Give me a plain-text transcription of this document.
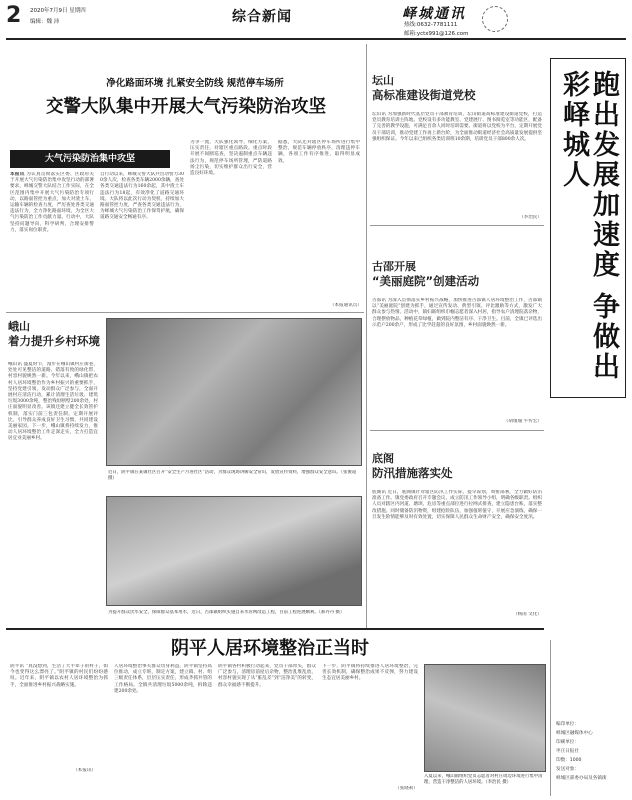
2 2020年7月9日 星期四
编辑：魏 沛	综合新闻	峄城通讯
热线:0632-7781111
邮箱:yctx991@126.com
净化路面环境 扎紧安全防线 规范停车场所
交警大队集中开展大气污染防治攻坚
大气污染防治集中攻坚
本报讯 为认真贯彻落实区委、区政府关于开展大气污染防治集中攻坚行动的部署要求，峄城交警大队结合工作实际，在全区范围内集中开展大气污染防治专项行动，以路面管控为重点，加大对渣土车、运输车辆的检查力度，严厉查处各类交通违法行为，全力净化路面环境，为全区大气污染防治工作贡献力量。行动中，大队坚持问题导向，科学研判，合理安排警力，落实岗位职责。
自行动以来，峄城交警大队共出动警力300余人次，检查各类车辆2000余辆，查处各类交通违法行为160余起，其中渣土车违法行为18起，有效净化了道路交通环境。大队将以此次行动为契机，持续加大路面管控力度，严查各类交通违法行为，为峄城大气污染防治工作保驾护航，确保道路交通安全畅通有序。
为争一流，大队强化领导，细化方案，压实责任，对辖区重点路段、重点时段开展不间断巡查，坚决遏制重点车辆违法行为，规范停车场所管理，严防道路扬尘污染，切实维护群众出行安全，营造良好环境。
据悉，大队还对辖区停车场所进行集中整治，规范车辆停放秩序，清理违停车辆，各项工作有序推进，取得明显成效。
（本报通讯员）
峨山
着力提升乡村环境
峨山讯 盛夏时节，漫步在峨山镇村庄街巷，处处可见整洁的道路、错落有致的绿化带，村容村貌焕然一新。今年以来，峨山镇把农村人居环境整治作为乡村振兴的重要抓手，坚持党建引领，发动群众广泛参与，全面开展村庄清洁行动，累计清理生活垃圾、建筑垃圾3000余吨，整治残垣断壁200余处，村庄面貌明显改善。该镇还建立健全长效管护机制，落实门前三包责任制，定期开展评比，引导群众养成良好卫生习惯，共同建设美丽家园。下一步，峨山镇将持续发力，推动人居环境整治工作走深走实，全力打造宜居宜业美丽乡村。
（本报讯）
近日，阴平镇在某镇社区召开“安全生产月进社区”活动，为群众现场讲解安全常识，发放宣传资料，增强群众安全意识。（张俊超 摄）
为提升群众饮水安全，保障群众基本用水，近日，古邵镇组织实施自来水管网改造工程，目前工程进展顺利。（郝丹丹 摄）
坛山
高标准建设街道党校
坛山讯 为加强新时代基层党员干部教育培训，坛山街道高标准建设街道党校，打造党员教育培训主阵地。党校设有多功能教室、党建展厅、图书阅览室等功能区，配备了完善的教学设施，可满足百余人同时培训需要。街道将以党校为平台，定期开展党员干部培训，推动党建工作再上新台阶，为全面推动街道经济社会高质量发展提供坚强组织保证。今年以来已组织各类培训班10余期，培训党员干部800余人次。
（李治民）
古邵开展
“美丽庭院”创建活动
古邵讯 为深入贯彻落实乡村振兴战略，加快推进古邵镇人居环境整治工作，古邵镇以“美丽庭院”创建为抓手，通过宣传发动、典型引领、评比激励等方式，激发广大群众参与热情。活动中，镇妇联组织巾帼志愿者深入村居，指导农户清理院落杂物，合理摆放物品，种植花草绿植，做到院内整洁有序、干净卫生。目前，全镇已评选出示范户200余户，形成了比学赶超的良好氛围，乡村面貌焕然一新。
（胡瑾瑜 牛传宏）
底阁
防汛措施落实处
底阁讯 近日，底阁镇针对辖区防汛工作实际，提早谋划，周密部署，全力做好防汛准备工作。镇党委政府召开专题会议，成立防汛工作领导小组，明确各级职责。组织人员对辖区内河道、塘坝、危房等重点部位进行拉网式排查，建立隐患台账，落实整改措施。同时储备防汛物资，组建抢险队伍，加强值班值守，开展应急演练，确保一旦发生险情能够及时有效处置，切实保障人民群众生命财产安全，确保安全度汛。
（杨雨 文化）
跑出发展加速度 争做出彩峄城人
阴平人居环境整治正当时
阴平讯 “真没想到，生活了大半辈子的村子，如今也变得这么漂亮了。”阴平镇的村民们纷纷感叹。近年来，阴平镇以农村人居环境整治为抓手，全面推进乡村振兴战略实施。
人居环境整治事关群众切身利益，阴平镇坚持高位推动，成立专班，制定方案，建立镇、村、组三级责任体系，层层压实责任，形成齐抓共管的工作格局。全镇共清理垃圾5000余吨，拆除违建200余处。
阴平镇各村积极行动起来，党员干部带头，群众广泛参与，清理房前屋后杂物，整治乱堆乱放，村容村貌实现了从“脏乱差”到“洁净美”的转变，群众幸福感不断提升。
下一步，阴平镇将持续推进人居环境整治，完善长效机制，确保整治成果不反弹，努力建设生态宜居美丽乡村。
（张晓莉）
入夏以来，峨山镇组织党员志愿者对村庄周边环境进行集中清理，营造干净整洁的人居环境。（李治民 摄）
编印单位：
峄城区融媒体中心
印刷单位：
枣庄日报社
印数：1000
发送对象：
峄城区部委办局及各镇街
